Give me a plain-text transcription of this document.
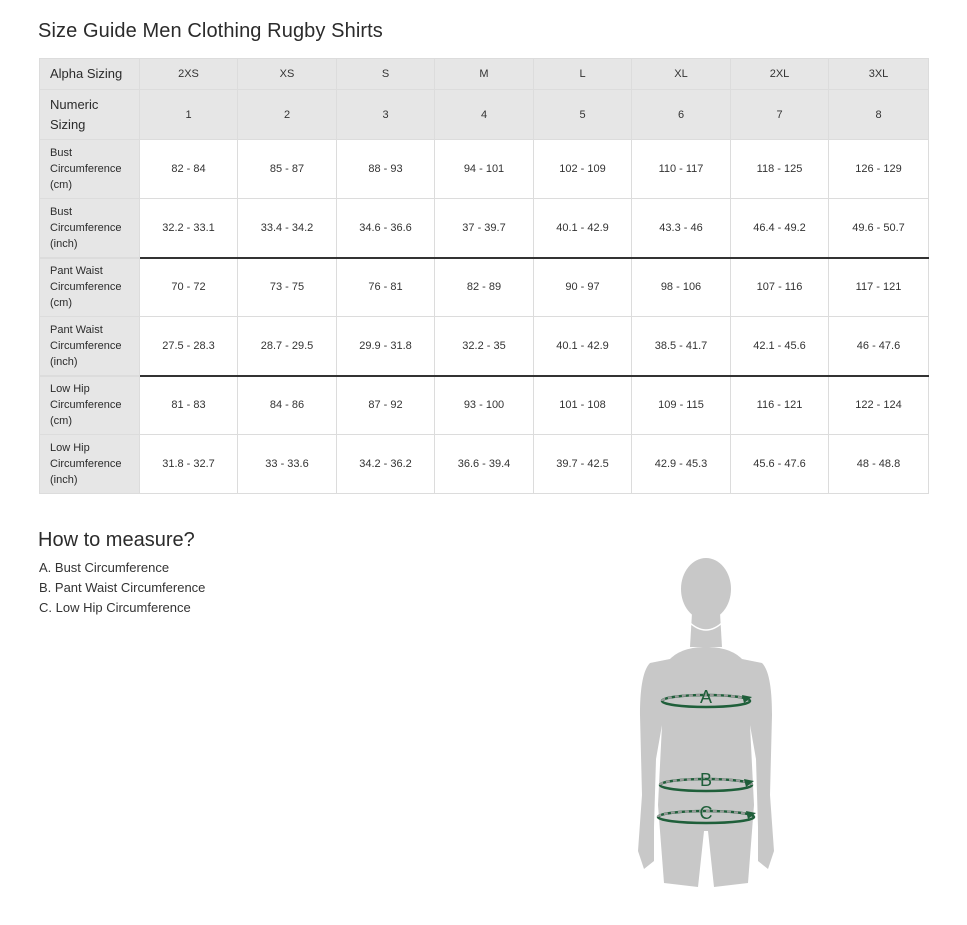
Size Guide Men Clothing Rugby Shirts
Alpha Sizing	2XS	XS	S	M	L	XL	2XL	3XL
Numeric Sizing	1	2	3	4	5	6	7	8
Bust Circumference (cm)	82 - 84	85 - 87	88 - 93	94 - 101	102 - 109	110 - 117	118 - 125	126 - 129
Bust Circumference (inch)	32.2 - 33.1	33.4 - 34.2	34.6 - 36.6	37 - 39.7	40.1 - 42.9	43.3 - 46	46.4 - 49.2	49.6 - 50.7
Pant Waist Circumference (cm)	70 - 72	73 - 75	76 - 81	82 - 89	90 - 97	98 - 106	107 - 116	117 - 121
Pant Waist Circumference (inch)	27.5 - 28.3	28.7 - 29.5	29.9 - 31.8	32.2 - 35	40.1 - 42.9	38.5 - 41.7	42.1 - 45.6	46 - 47.6
Low Hip Circumference (cm)	81 - 83	84 - 86	87 - 92	93 - 100	101 - 108	109 - 115	116 - 121	122 - 124
Low Hip Circumference (inch)	31.8 - 32.7	33 - 33.6	34.2 - 36.2	36.6 - 39.4	39.7 - 42.5	42.9 - 45.3	45.6 - 47.6	48 - 48.8
How to measure?
A. Bust Circumference
B. Pant Waist Circumference
C. Low Hip Circumference
A
B
C
